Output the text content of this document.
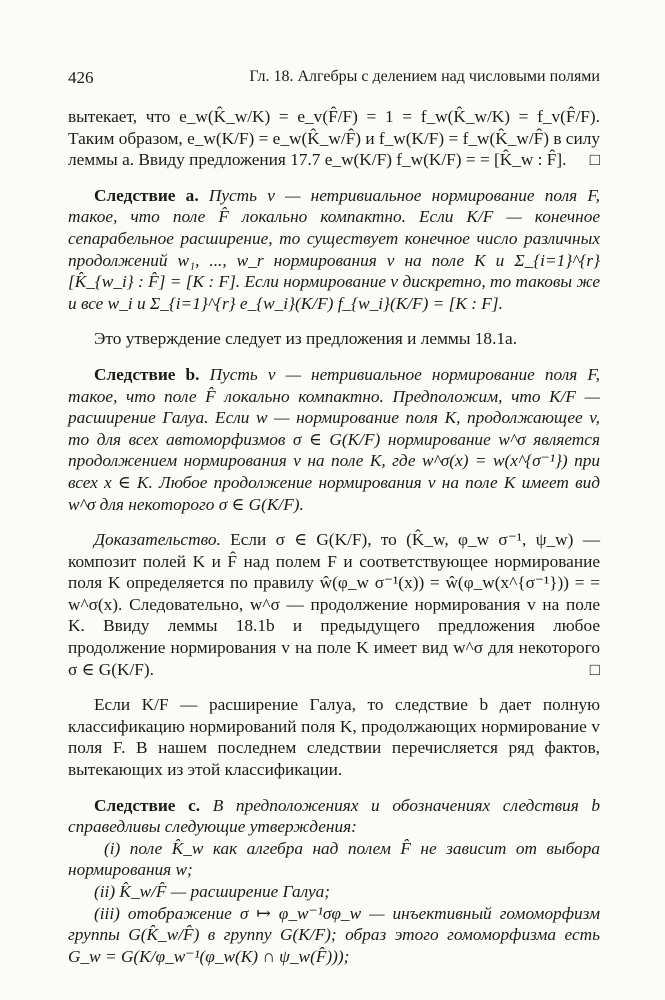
426	Гл. 18. Алгебры с делением над числовыми полями

вытекает, что e_w(K̂_w/K) = e_v(F̂/F) = 1 = f_w(K̂_w/K) = f_v(F̂/F). Таким образом, e_w(K/F) = e_w(K̂_w/F̂) и f_w(K/F) = f_w(K̂_w/F̂) в силу леммы a. Ввиду предложения 17.7 e_w(K/F) f_w(K/F) = = [K̂_w : F̂]. □

Следствие a. Пусть v — нетривиальное нормирование поля F, такое, что поле F̂ локально компактно. Если K/F — конечное сепарабельное расширение, то существует конечное число различных продолжений w₁, ..., w_r нормирования v на поле K и Σ_{i=1}^{r} [K̂_{w_i} : F̂] = [K : F]. Если нормирование v дискретно, то таковы же и все w_i и Σ_{i=1}^{r} e_{w_i}(K/F) f_{w_i}(K/F) = [K : F].

Это утверждение следует из предложения и леммы 18.1a.

Следствие b. Пусть v — нетривиальное нормирование поля F, такое, что поле F̂ локально компактно. Предположим, что K/F — расширение Галуа. Если w — нормирование поля K, продолжающее v, то для всех автоморфизмов σ ∈ G(K/F) нормирование w^σ является продолжением нормирования v на поле K, где w^σ(x) = w(x^{σ⁻¹}) при всех x ∈ K. Любое продолжение нормирования v на поле K имеет вид w^σ для некоторого σ ∈ G(K/F).

Доказательство. Если σ ∈ G(K/F), то (K̂_w, φ_w σ⁻¹, ψ_w) — композит полей K и F̂ над полем F и соответствующее нормирование поля K определяется по правилу ŵ(φ_w σ⁻¹(x)) = ŵ(φ_w(x^{σ⁻¹})) = = w^σ(x). Следовательно, w^σ — продолжение нормирования v на поле K. Ввиду леммы 18.1b и предыдущего предложения любое продолжение нормирования v на поле K имеет вид w^σ для некоторого σ ∈ G(K/F).	□

Если K/F — расширение Галуа, то следствие b дает полную классификацию нормирований поля K, продолжающих нормирование v поля F. В нашем последнем следствии перечисляется ряд фактов, вытекающих из этой классификации.

Следствие c. В предположениях и обозначениях следствия b справедливы следующие утверждения:

(i) поле K̂_w как алгебра над полем F̂ не зависит от выбора нормирования w;

(ii) K̂_w/F̂ — расширение Галуа;

(iii) отображение σ ↦ φ_w⁻¹σφ_w — инъективный гомоморфизм группы G(K̂_w/F̂) в группу G(K/F); образ этого гомоморфизма есть G_w = G(K/φ_w⁻¹(φ_w(K) ∩ ψ_w(F̂)));
